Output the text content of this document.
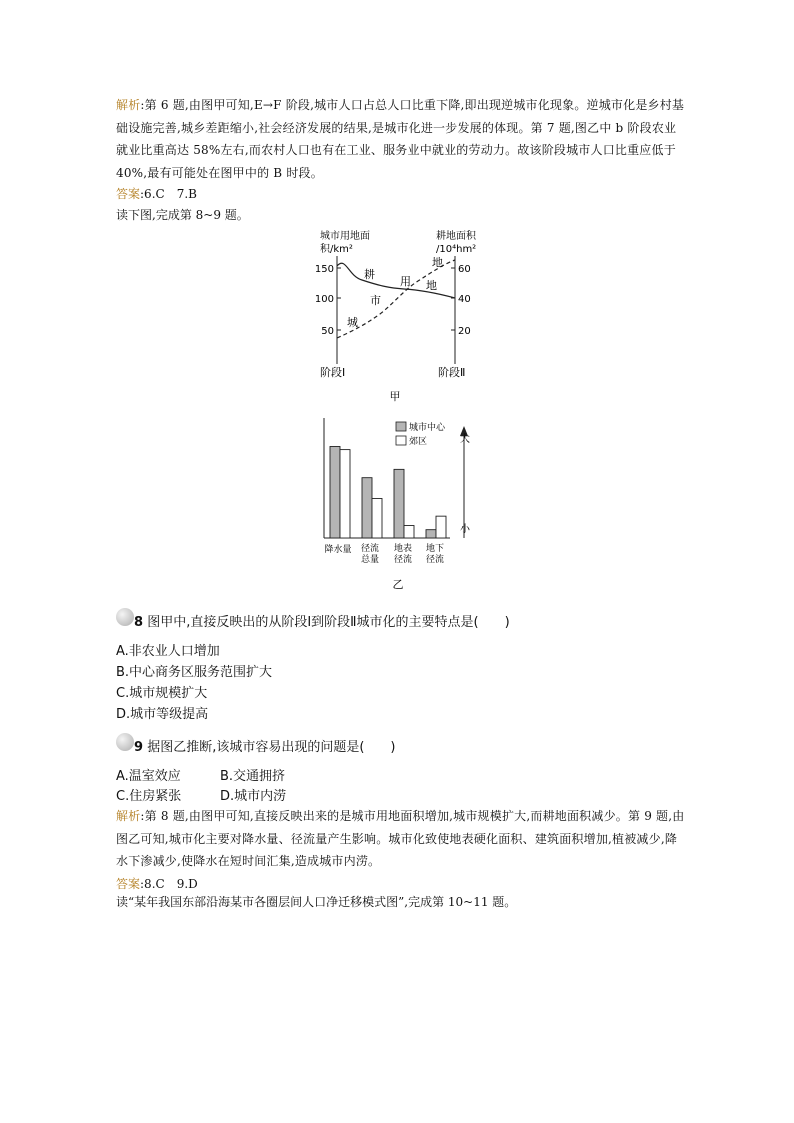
解析:第 6 题,由图甲可知,E→F 阶段,城市人口占总人口比重下降,即出现逆城市化现象。逆城市化是乡村基础设施完善,城乡差距缩小,社会经济发展的结果,是城市化进一步发展的体现。第 7 题,图乙中 b 阶段农业就业比重高达 58%左右,而农村人口也有在工业、服务业中就业的劳动力。故该阶段城市人口比重应低于 40%,最有可能处在图甲中的 B 时段。
答案:6.C　7.B
读下图,完成第 8~9 题。
城市用地面
积/km²
耕地面积
/10⁴hm²
150
100
50
60
40
20
耕
城
市
用 地
地
阶段Ⅰ	阶段Ⅱ
甲
城市中心
郊区	大
小
降水量 径流
总量
地表
径流
地下
径流
乙
8 图甲中,直接反映出的从阶段Ⅰ到阶段Ⅱ城市化的主要特点是(　　)
A.非农业人口增加
B.中心商务区服务范围扩大
C.城市规模扩大
D.城市等级提高
9 据图乙推断,该城市容易出现的问题是(　　)
A.温室效应	B.交通拥挤
C.住房紧张	D.城市内涝
解析:第 8 题,由图甲可知,直接反映出来的是城市用地面积增加,城市规模扩大,而耕地面积减少。第 9 题,由图乙可知,城市化主要对降水量、径流量产生影响。城市化致使地表硬化面积、建筑面积增加,植被减少,降水下渗减少,使降水在短时间汇集,造成城市内涝。
答案:8.C　9.D
读“某年我国东部沿海某市各圈层间人口净迁移模式图”,完成第 10~11 题。
